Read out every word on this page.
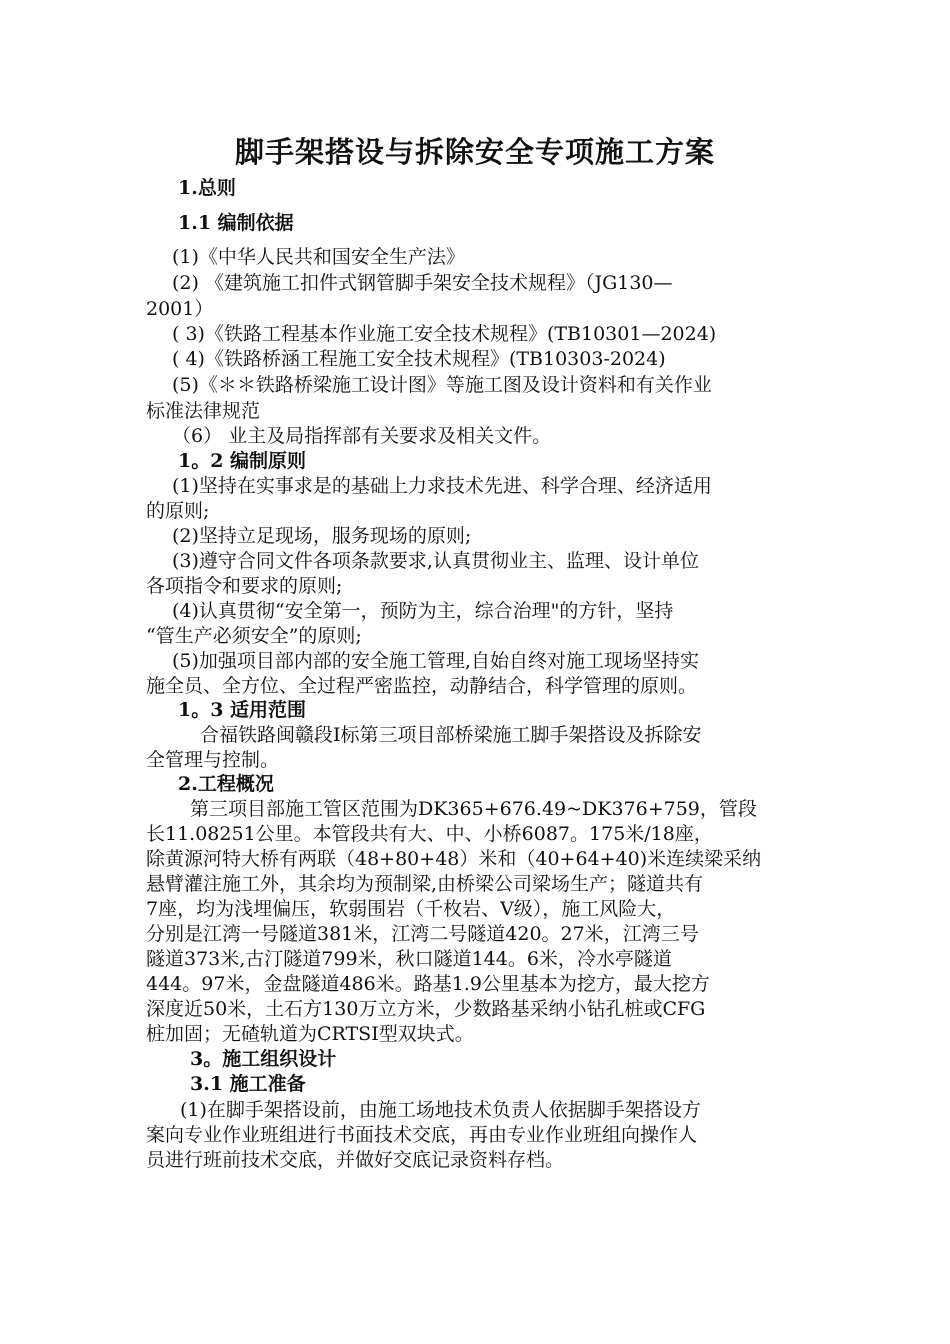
脚手架搭设与拆除安全专项施工方案
1.总则
1.1 编制依据
(1)《中华人民共和国安全生产法》
(2) 《建筑施工扣件式钢管脚手架安全技术规程》（JG130—
2001）
( 3)《铁路工程基本作业施工安全技术规程》(TB10301—2024)
( 4)《铁路桥涵工程施工安全技术规程》(TB10303-2024)
(5)《＊＊铁路桥梁施工设计图》等施工图及设计资料和有关作业
标准法律规范
（6） 业主及局指挥部有关要求及相关文件。
1。2 编制原则
(1)坚持在实事求是的基础上力求技术先进、科学合理、经济适用
的原则;
(2)坚持立足现场，服务现场的原则;
(3)遵守合同文件各项条款要求,认真贯彻业主、监理、设计单位
各项指令和要求的原则;
(4)认真贯彻“安全第一，预防为主，综合治理"的方针，坚持
“管生产必须安全”的原则;
(5)加强项目部内部的安全施工管理,自始自终对施工现场坚持实
施全员、全方位、全过程严密监控，动静结合，科学管理的原则。
1。3 适用范围
合福铁路闽赣段Ⅰ标第三项目部桥梁施工脚手架搭设及拆除安
全管理与控制。
2.工程概况
第三项目部施工管区范围为DK365+676.49~DK376+759，管段
长11.08251公里。本管段共有大、中、小桥6087。175米/18座，
除黄源河特大桥有两联（48+80+48）米和（40+64+40)米连续梁采纳
悬臂灌注施工外，其余均为预制梁,由桥梁公司梁场生产；隧道共有
7座，均为浅埋偏压，软弱围岩（千枚岩、Ⅴ级），施工风险大，
分别是江湾一号隧道381米，江湾二号隧道420。27米，江湾三号
隧道373米,古汀隧道799米，秋口隧道144。6米，冷水亭隧道
444。97米，金盘隧道486米。路基1.9公里基本为挖方，最大挖方
深度近50米，土石方130万立方米，少数路基采纳小钻孔桩或CFG
桩加固；无碴轨道为CRTSⅠ型双块式。
3。施工组织设计
3.1 施工准备
(1)在脚手架搭设前，由施工场地技术负责人依据脚手架搭设方
案向专业作业班组进行书面技术交底，再由专业作业班组向操作人
员进行班前技术交底，并做好交底记录资料存档。
